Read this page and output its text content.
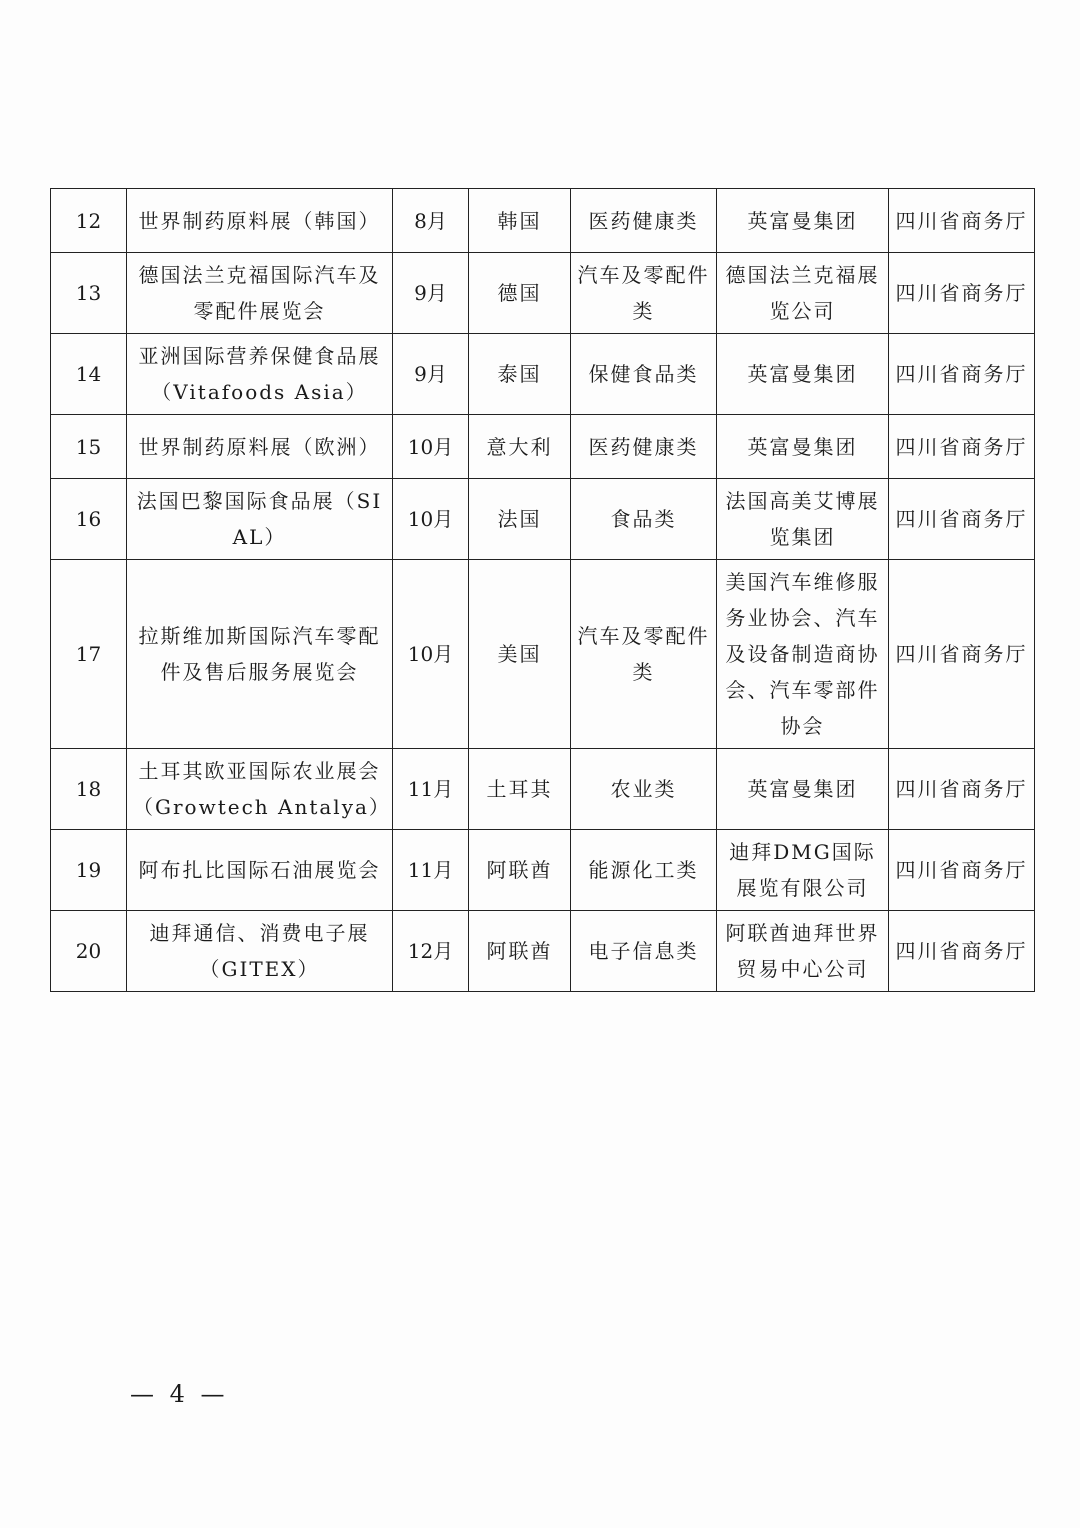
12	世界制药原料展（韩国）	8月	韩国	医药健康类	英富曼集团	四川省商务厅
13	德国法兰克福国际汽车及零配件展览会	9月	德国	汽车及零配件类	德国法兰克福展览公司	四川省商务厅
14	亚洲国际营养保健食品展（Vitafoods Asia）	9月	泰国	保健食品类	英富曼集团	四川省商务厅
15	世界制药原料展（欧洲）	10月	意大利	医药健康类	英富曼集团	四川省商务厅
16	法国巴黎国际食品展（SIAL）	10月	法国	食品类	法国高美艾博展览集团	四川省商务厅
17	拉斯维加斯国际汽车零配件及售后服务展览会	10月	美国	汽车及零配件类	美国汽车维修服务业协会、汽车及设备制造商协会、汽车零部件协会	四川省商务厅
18	土耳其欧亚国际农业展会（Growtech Antalya）	11月	土耳其	农业类	英富曼集团	四川省商务厅
19	阿布扎比国际石油展览会	11月	阿联酋	能源化工类	迪拜DMG国际展览有限公司	四川省商务厅
20	迪拜通信、消费电子展（GITEX）	12月	阿联酋	电子信息类	阿联酋迪拜世界贸易中心公司	四川省商务厅
— 4 —
